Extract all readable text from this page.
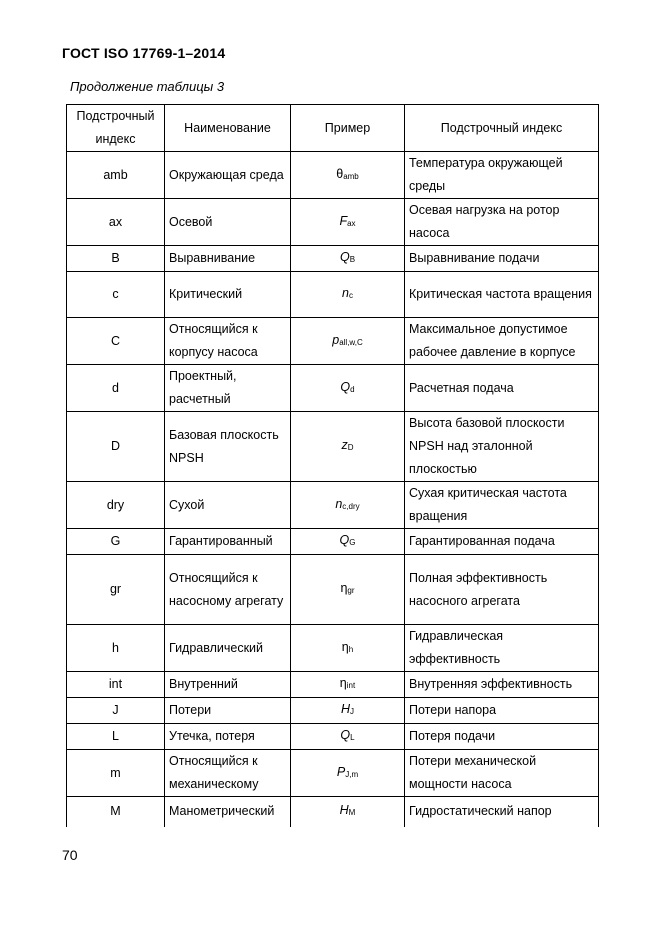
ГОСТ ISO 17769-1–2014
Продолжение таблицы 3
Подстрочный индекс	Наименование	Пример	Подстрочный индекс
amb	Окружающая среда	$\theta_{amb}$	Температура окружающей среды
ax	Осевой	$F_{ax}$	Осевая нагрузка на ротор насоса
B	Выравнивание	$Q_B$	Выравнивание подачи
c	Критический	$n_c$	Критическая частота вращения
C	Относящийся к корпусу насоса	$p_{all,w,C}$	Максимальное допустимое рабочее давление в корпусе
d	Проектный, расчетный	$Q_d$	Расчетная подача
D	Базовая плоскость NPSH	$z_D$	Высота базовой плоскости NPSH над эталонной плоскостью
dry	Сухой	$n_{c,dry}$	Сухая критическая частота вращения
G	Гарантированный	$Q_G$	Гарантированная подача
gr	Относящийся к насосному агрегату	$\eta_{gr}$	Полная эффективность насосного агрегата
h	Гидравлический	$\eta_h$	Гидравлическая эффективность
int	Внутренний	$\eta_{int}$	Внутренняя эффективность
J	Потери	$H_J$	Потери напора
L	Утечка, потеря	$Q_L$	Потеря подачи
m	Относящийся к механическому	$P_{J,m}$	Потери механической мощности насоса
M	Манометрический	$H_M$	Гидростатический напор
70
